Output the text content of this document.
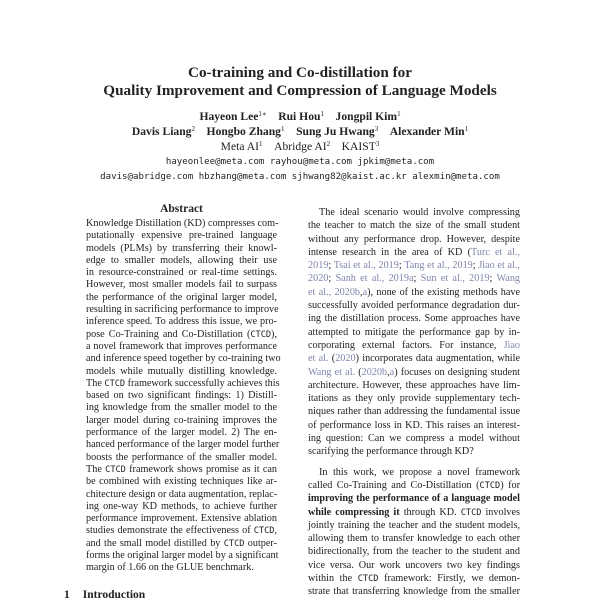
Co-training and Co-distillation for
Quality Improvement and Compression of Language Models
Hayeon Lee$^{1∗}$  Rui Hou$^1$  Jongpil Kim$^1$
Davis Liang$^2$  Hongbo Zhang$^1$  Sung Ju Hwang$^3$  Alexander Min$^1$
Meta $AI^1$  Abridge $AI^2$  KAIST$^3$
hayeonlee@meta.com rayhou@meta.com jpkim@meta.com
davis@abridge.com hbzhang@meta.com sjhwang82@kaist.ac.kr alexmin@meta.com
Abstract
Knowledge Distillation (KD) compresses com-
putationally expensive pre-trained language
models (PLMs) by transferring their knowl-
edge to smaller models, allowing their use
in resource-constrained or real-time settings.
However, most smaller models fail to surpass
the performance of the original larger model,
resulting in sacrificing performance to improve
inference speed. To address this issue, we pro-
pose Co-Training and Co-Distillation (CTCD),
a novel framework that improves performance
and inference speed together by co-training two
models while mutually distilling knowledge.
The CTCD framework successfully achieves this
based on two significant findings: 1) Distill-
ing knowledge from the smaller model to the
larger model during co-training improves the
performance of the larger model. 2) The en-
hanced performance of the larger model further
boosts the performance of the smaller model.
The CTCD framework shows promise as it can
be combined with existing techniques like ar-
chitecture design or data augmentation, replac-
ing one-way KD methods, to achieve further
performance improvement. Extensive ablation
studies demonstrate the effectiveness of CTCD,
and the small model distilled by CTCD outper-
forms the original larger model by a significant
margin of 1.66 on the GLUE benchmark.
1 Introduction
The ideal scenario would involve compressing
the teacher to match the size of the small student
without any performance drop. However, despite
intense research in the area of KD (Turc et al.,
2019; Tsai et al., 2019; Tang et al., 2019; Jiao et al.,
2020; Sanh et al., 2019a; Sun et al., 2019; Wang
et al., 2020b,a), none of the existing methods have
successfully avoided performance degradation dur-
ing the distillation process. Some approaches have
attempted to mitigate the performance gap by in-
corporating external factors. For instance, Jiao
et al. (2020) incorporates data augmentation, while
Wang et al. (2020b,a) focuses on designing student
architecture. However, these approaches have lim-
itations as they only provide supplementary tech-
niques rather than addressing the fundamental issue
of performance loss in KD. This raises an interest-
ing question: Can we compress a model without
scarifying the performance through KD?
In this work, we propose a novel framework
called Co-Training and Co-Distillation (CTCD) for
improving the performance of a language model
while compressing it through KD. CTCD involves
jointly training the teacher and the student models,
allowing them to transfer knowledge to each other
bidirectionally, from the teacher to the student and
vice versa. Our work uncovers two key findings
within the CTCD framework: Firstly, we demon-
strate that transferring knowledge from the smaller
